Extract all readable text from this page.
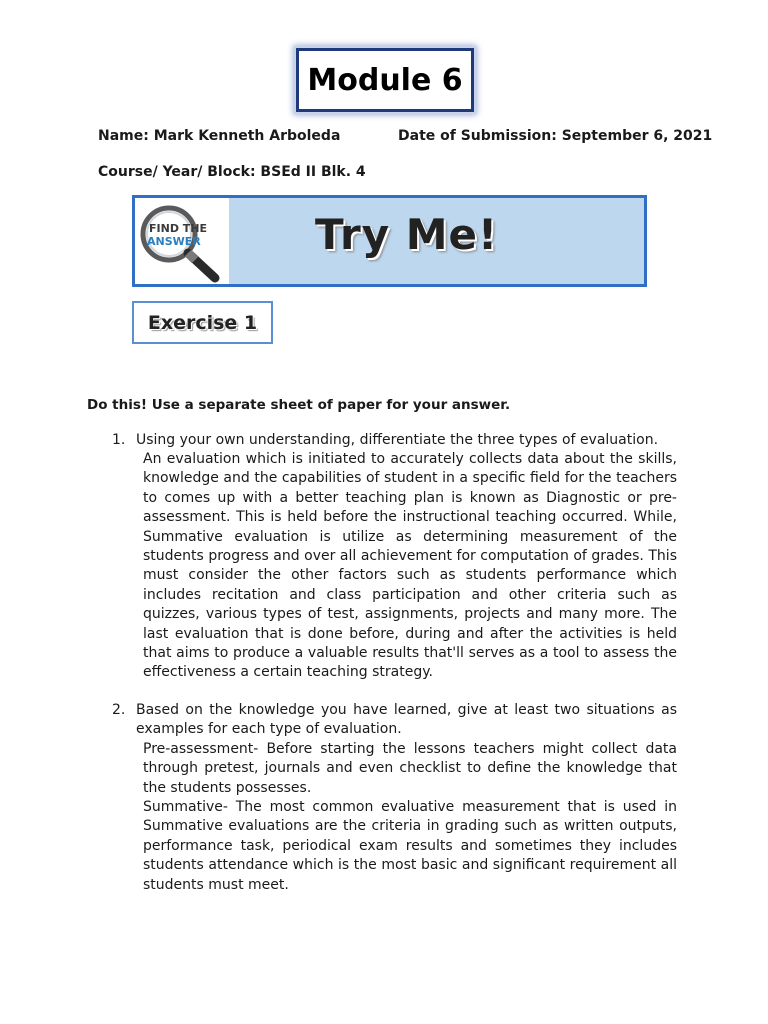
Module 6
Name: Mark Kenneth Arboleda	Date of Submission: September 6, 2021
Course/ Year/ Block: BSEd II Blk. 4
FIND THE
ANSWER	Try Me!
Exercise 1
Do this! Use a separate sheet of paper for your answer.
1. Using your own understanding, differentiate the three types of evaluation.
An evaluation which is initiated to accurately collects data about the skills, knowledge and the capabilities of student in a specific field for the teachers to comes up with a better teaching plan is known as Diagnostic or pre-assessment. This is held before the instructional teaching occurred. While, Summative evaluation is utilize as determining measurement of the students progress and over all achievement for computation of grades. This must consider the other factors such as students performance which includes recitation and class participation and other criteria such as quizzes, various types of test, assignments, projects and many more. The last evaluation that is done before, during and after the activities is held that aims to produce a valuable results that'll serves as a tool to assess the effectiveness a certain teaching strategy.
2. Based on the knowledge you have learned, give at least two situations as examples for each type of evaluation.
Pre-assessment- Before starting the lessons teachers might collect data through pretest, journals and even checklist to define the knowledge that the students possesses.
Summative- The most common evaluative measurement that is used in Summative evaluations are the criteria in grading such as written outputs, performance task, periodical exam results and sometimes they includes students attendance which is the most basic and significant requirement all students must meet.
